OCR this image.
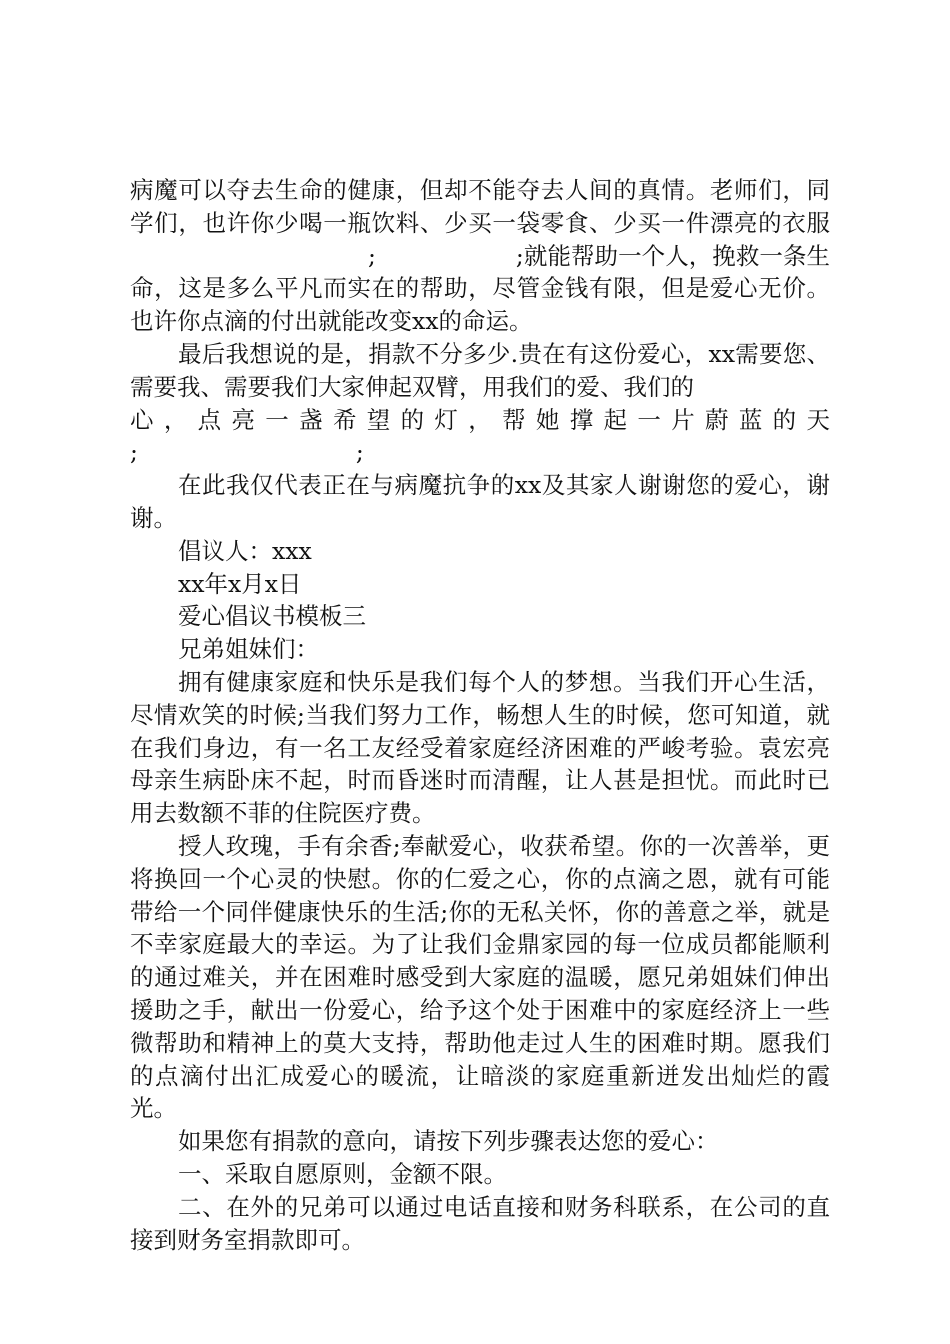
病魔可以夺去生命的健康，但却不能夺去人间的真情。老师们，同学们，也许你少喝一瓶饮料、少买一袋零食、少买一件漂亮的衣服;	;就能帮助一个人，挽救一条生命，这是多么平凡而实在的帮助，尽管金钱有限，但是爱心无价。也许你点滴的付出就能改变xx的命运。

最后我想说的是，捐款不分多少.贵在有这份爱心，xx需要您、需要我、需要我们大家伸起双臂，用我们的爱、我们的

心，点亮一盏希望的灯，帮她撑起一片蔚蓝的天
;	;

在此我仅代表正在与病魔抗争的xx及其家人谢谢您的爱心，谢谢。

倡议人：xxx
xx年x月x日
爱心倡议书模板三
兄弟姐妹们：

拥有健康家庭和快乐是我们每个人的梦想。当我们开心生活，尽情欢笑的时候;当我们努力工作，畅想人生的时候，您可知道，就在我们身边，有一名工友经受着家庭经济困难的严峻考验。袁宏亮母亲生病卧床不起，时而昏迷时而清醒，让人甚是担忧。而此时已用去数额不菲的住院医疗费。

授人玫瑰，手有余香;奉献爱心，收获希望。你的一次善举，更将换回一个心灵的快慰。你的仁爱之心，你的点滴之恩，就有可能带给一个同伴健康快乐的生活;你的无私关怀，你的善意之举，就是不幸家庭最大的幸运。为了让我们金鼎家园的每一位成员都能顺利的通过难关，并在困难时感受到大家庭的温暖，愿兄弟姐妹们伸出援助之手，献出一份爱心，给予这个处于困难中的家庭经济上一些微帮助和精神上的莫大支持，帮助他走过人生的困难时期。愿我们的点滴付出汇成爱心的暖流，让暗淡的家庭重新迸发出灿烂的霞光。

如果您有捐款的意向，请按下列步骤表达您的爱心：

一、采取自愿原则，金额不限。

二、在外的兄弟可以通过电话直接和财务科联系，在公司的直接到财务室捐款即可。
